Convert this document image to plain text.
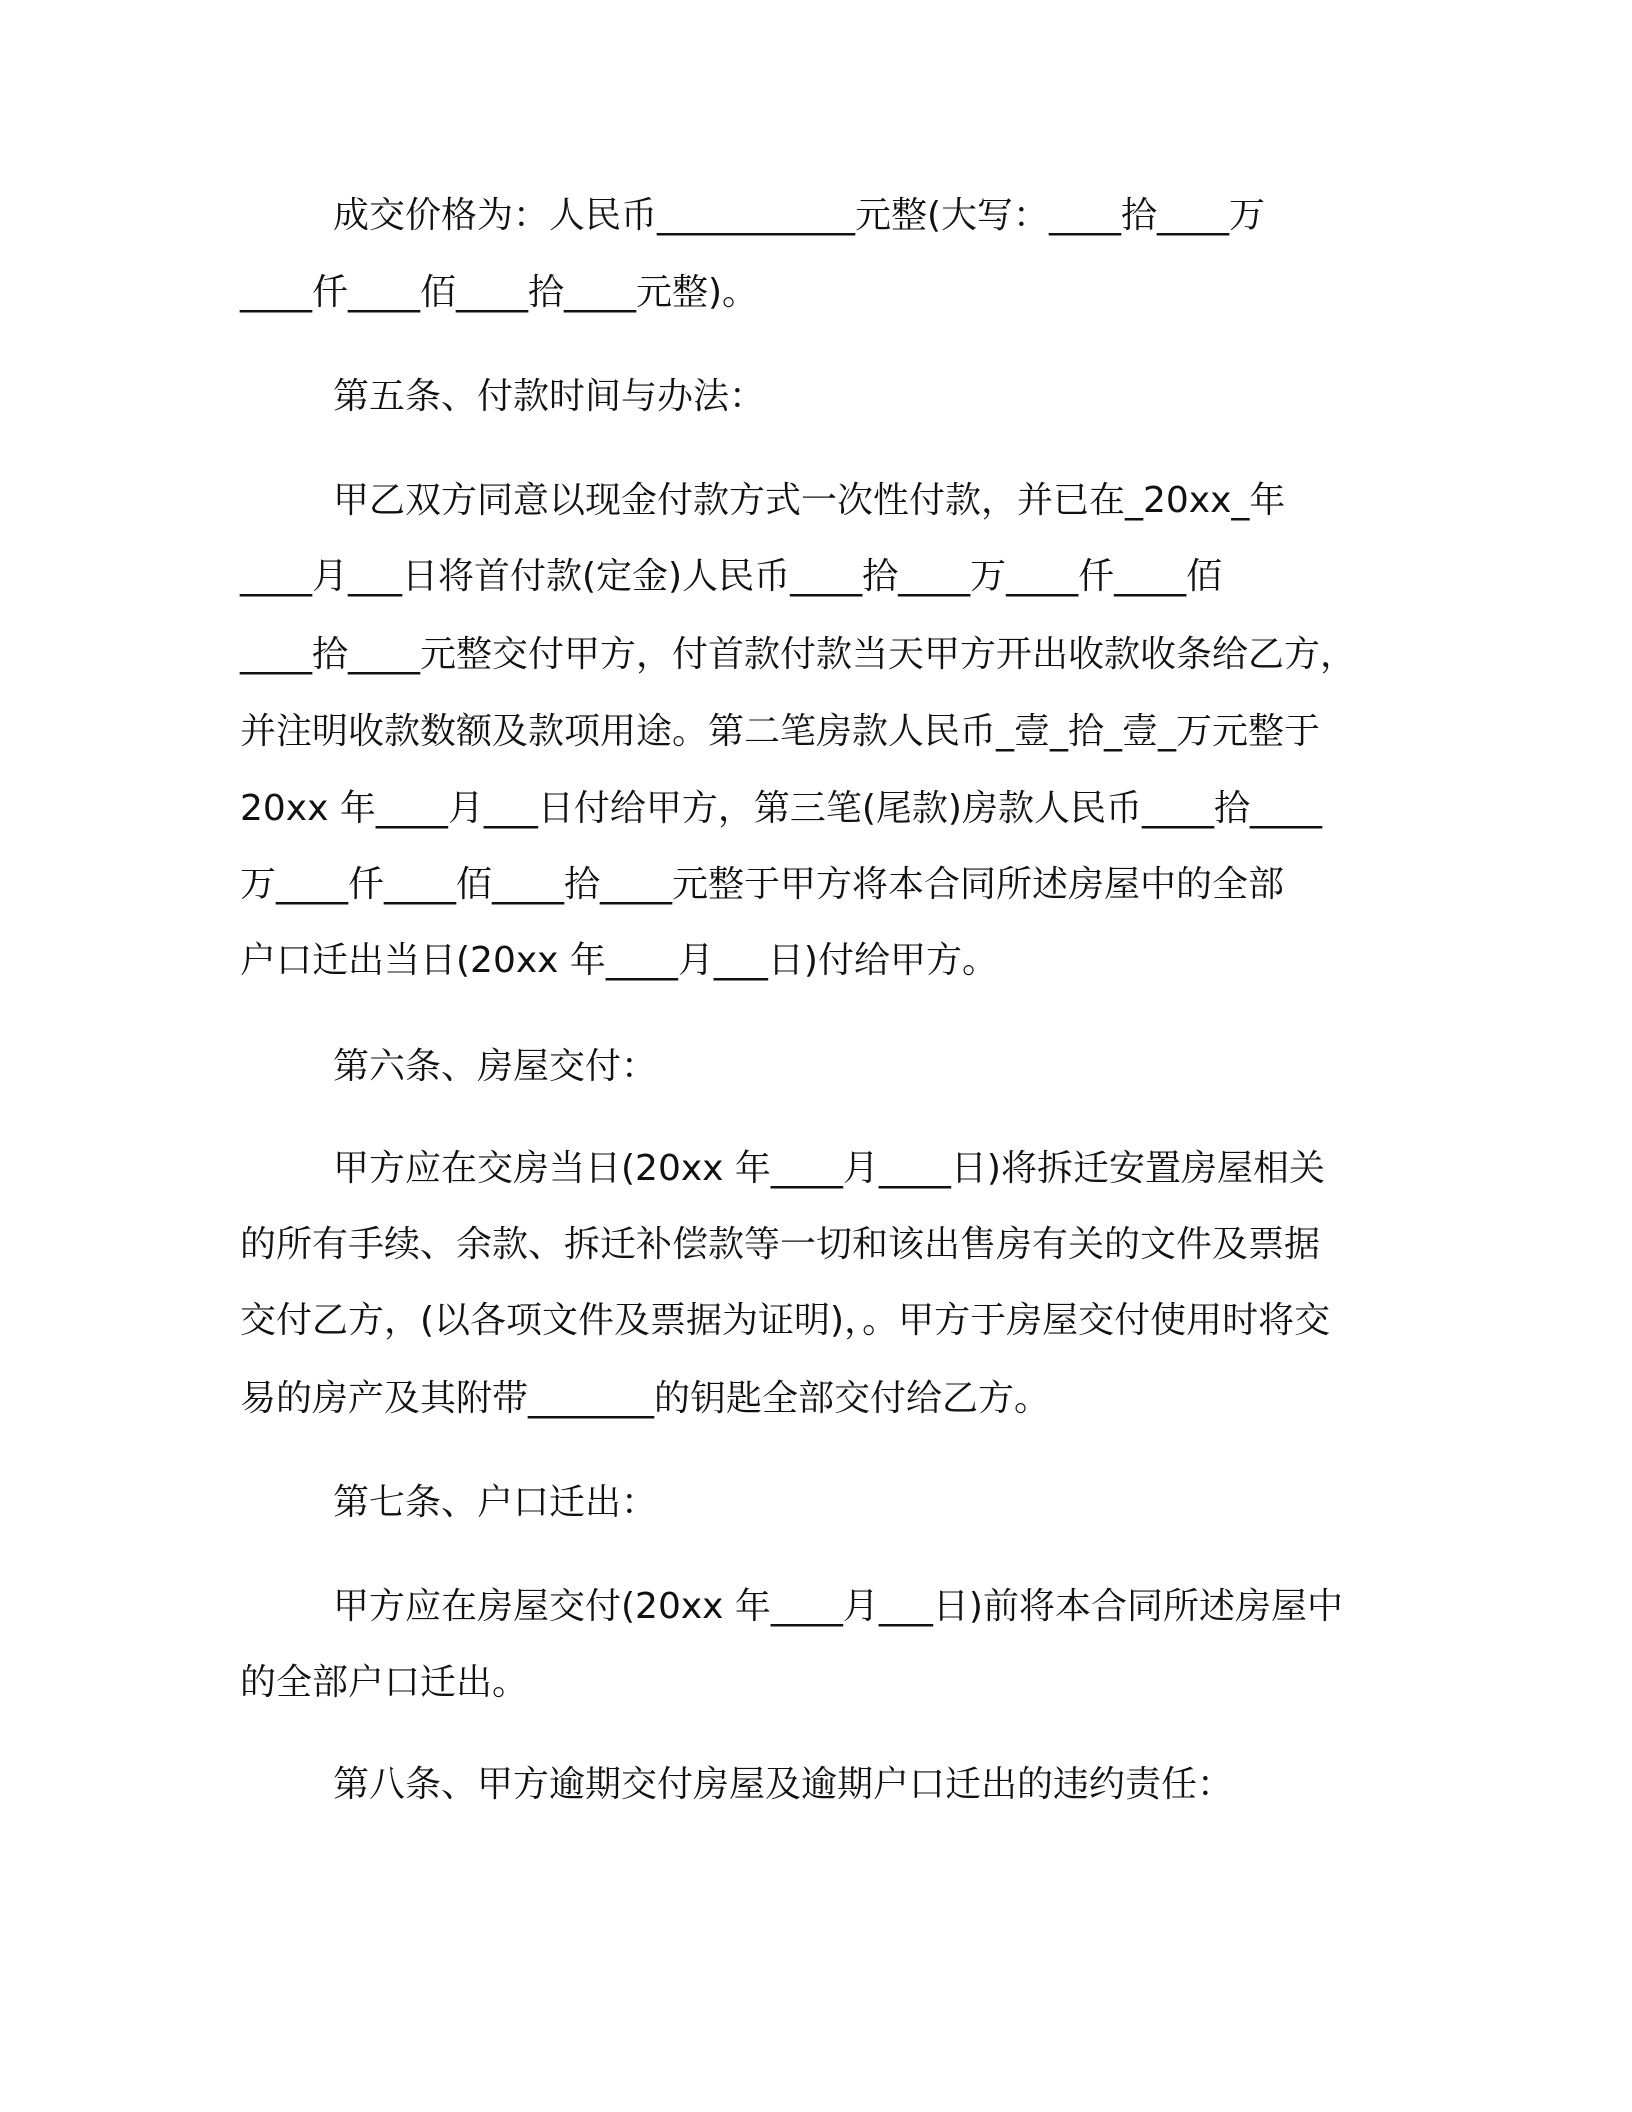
成交价格为：人民币___________元整(大写：____拾____万
____仟____佰____拾____元整)。
第五条、付款时间与办法：
甲乙双方同意以现金付款方式一次性付款，并已在_20xx_年
____月___日将首付款(定金)人民币____拾____万____仟____佰
____拾____元整交付甲方，付首款付款当天甲方开出收款收条给乙方，
并注明收款数额及款项用途。第二笔房款人民币_壹_拾_壹_万元整于
20xx 年____月___日付给甲方，第三笔(尾款)房款人民币____拾____
万____仟____佰____拾____元整于甲方将本合同所述房屋中的全部
户口迁出当日(20xx 年____月___日)付给甲方。
第六条、房屋交付：
甲方应在交房当日(20xx 年____月____日)将拆迁安置房屋相关
的所有手续、余款、拆迁补偿款等一切和该出售房有关的文件及票据
交付乙方，(以各项文件及票据为证明)，。甲方于房屋交付使用时将交
易的房产及其附带_______的钥匙全部交付给乙方。
第七条、户口迁出：
甲方应在房屋交付(20xx 年____月___日)前将本合同所述房屋中
的全部户口迁出。
第八条、甲方逾期交付房屋及逾期户口迁出的违约责任：
